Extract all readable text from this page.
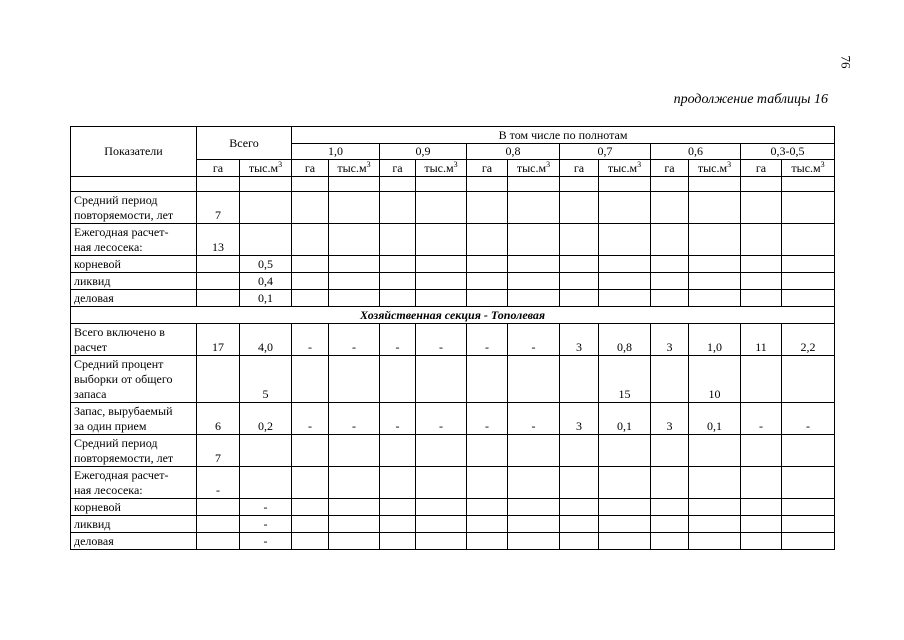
76
продолжение таблицы 16
Показатели	Всего		В том числе по полнотам											
			1,0		0,9		0,8		0,7		0,6		0,3-0,5	
	га	$тыс.м^3$	га	$тыс.м^3$	га	$тыс.м^3$	га	$тыс.м^3$	га	$тыс.м^3$	га	$тыс.м^3$	га	$тыс.м^3$

Средний период
повторяемости, лет	7													
Ежегодная расчет-
ная лесосека:	13													
корневой		0,5												
ликвид		0,4												
деловая		0,1												
Хозяйственная секция - Тополевая														
Всего включено в
расчет	17	4,0	-	-	-	-	-	-	3	0,8	3	1,0	11	2,2
Средний процент
выборки от общего
запаса		5								15		10		
Запас, вырубаемый
за один прием	6	0,2	-	-	-	-	-	-	3	0,1	3	0,1	-	-
Средний период
повторяемости, лет	7													
Ежегодная расчет-
ная лесосека:	-													
корневой		-												
ликвид		-												
деловая		-												
